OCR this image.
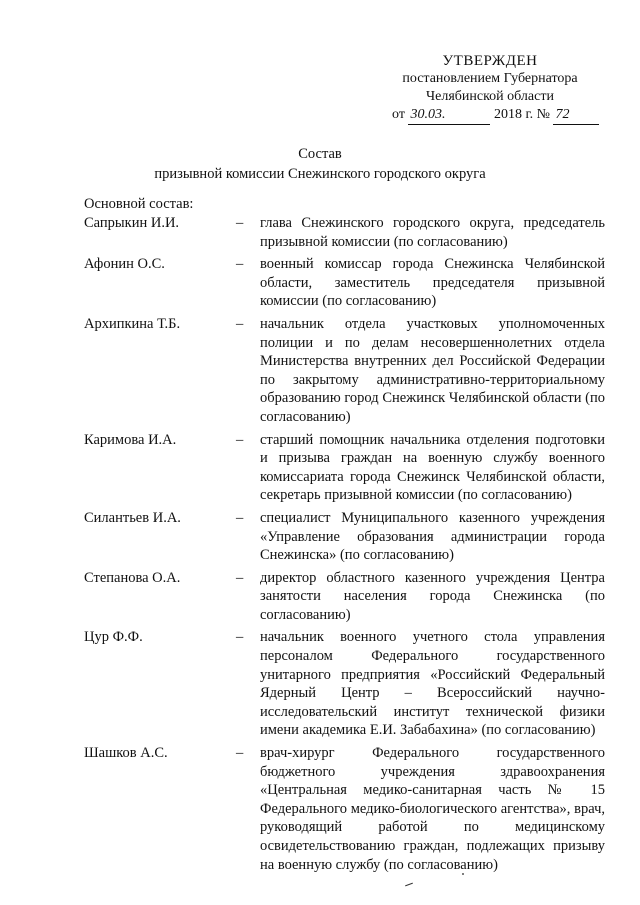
УТВЕРЖДЕН
постановлением Губернатора
Челябинской области
от 30.03.	2018 г. № 72
Состав
призывной комиссии Снежинского городского округа
Основной состав:
Сапрыкин И.И.	– глава Снежинского городского округа, председатель призывной комиссии (по согласованию)
Афонин О.С.	– военный комиссар города Снежинска Челябинской области, заместитель председателя призывной комиссии (по согласованию)
Архипкина Т.Б.	– начальник отдела участковых уполномоченных полиции и по делам несовершеннолетних отдела Министерства внутренних дел Российской Федерации по закрытому административно-территориальному образованию город Снежинск Челябинской области (по согласованию)
Каримова И.А.	– старший помощник начальника отделения подготовки и призыва граждан на военную службу военного комиссариата города Снежинск Челябинской области, секретарь призывной комиссии (по согласованию)
Силантьев И.А.	– специалист Муниципального казенного учреждения «Управление образования администрации города Снежинска» (по согласованию)
Степанова О.А.	– директор областного казенного учреждения Центра занятости населения города Снежинска (по согласованию)
Цур Ф.Ф.	– начальник военного учетного стола управления персоналом Федерального государственного унитарного предприятия «Российский Федеральный Ядерный Центр – Всероссийский научно-исследовательский институт технической физики имени академика Е.И. Забабахина» (по согласованию)
Шашков А.С.	– врач-хирург Федерального государственного бюджетного учреждения здравоохранения «Центральная медико-санитарная часть № 15 Федерального медико-биологического агентства», врач, руководящий работой по медицинскому освидетельствованию граждан, подлежащих призыву на военную службу (по согласованию)
